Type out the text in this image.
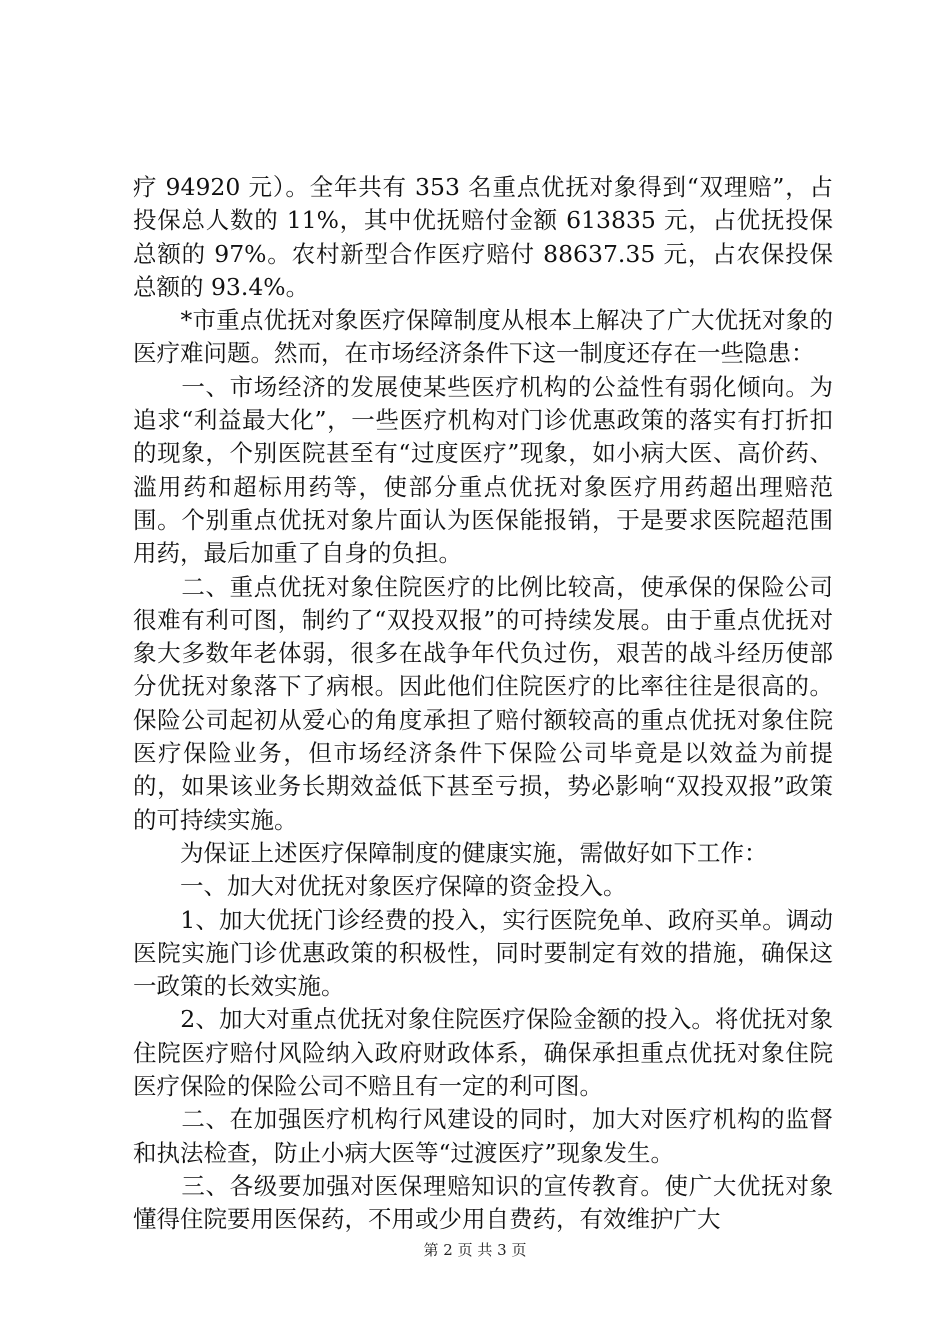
疗 94920 元）。全年共有 353 名重点优抚对象得到“双理赔”，占投保总人数的 11%，其中优抚赔付金额 613835 元，占优抚投保总额的 97%。农村新型合作医疗赔付 88637.35 元，占农保投保总额的 93.4%。

　　*市重点优抚对象医疗保障制度从根本上解决了广大优抚对象的医疗难问题。然而，在市场经济条件下这一制度还存在一些隐患：

　　一、市场经济的发展使某些医疗机构的公益性有弱化倾向。为追求“利益最大化”，一些医疗机构对门诊优惠政策的落实有打折扣的现象，个别医院甚至有“过度医疗”现象，如小病大医、高价药、滥用药和超标用药等，使部分重点优抚对象医疗用药超出理赔范围。个别重点优抚对象片面认为医保能报销，于是要求医院超范围用药，最后加重了自身的负担。

　　二、重点优抚对象住院医疗的比例比较高，使承保的保险公司很难有利可图，制约了“双投双报”的可持续发展。由于重点优抚对象大多数年老体弱，很多在战争年代负过伤，艰苦的战斗经历使部分优抚对象落下了病根。因此他们住院医疗的比率往往是很高的。保险公司起初从爱心的角度承担了赔付额较高的重点优抚对象住院医疗保险业务，但市场经济条件下保险公司毕竟是以效益为前提的，如果该业务长期效益低下甚至亏损，势必影响“双投双报”政策的可持续实施。

　　为保证上述医疗保障制度的健康实施，需做好如下工作：

　　一、加大对优抚对象医疗保障的资金投入。

　　1、加大优抚门诊经费的投入，实行医院免单、政府买单。调动医院实施门诊优惠政策的积极性，同时要制定有效的措施，确保这一政策的长效实施。

　　2、加大对重点优抚对象住院医疗保险金额的投入。将优抚对象住院医疗赔付风险纳入政府财政体系，确保承担重点优抚对象住院医疗保险的保险公司不赔且有一定的利可图。

　　二、在加强医疗机构行风建设的同时，加大对医疗机构的监督和执法检查，防止小病大医等“过渡医疗”现象发生。

　　三、各级要加强对医保理赔知识的宣传教育。使广大优抚对象懂得住院要用医保药，不用或少用自费药，有效维护广大

第 2 页 共 3 页
